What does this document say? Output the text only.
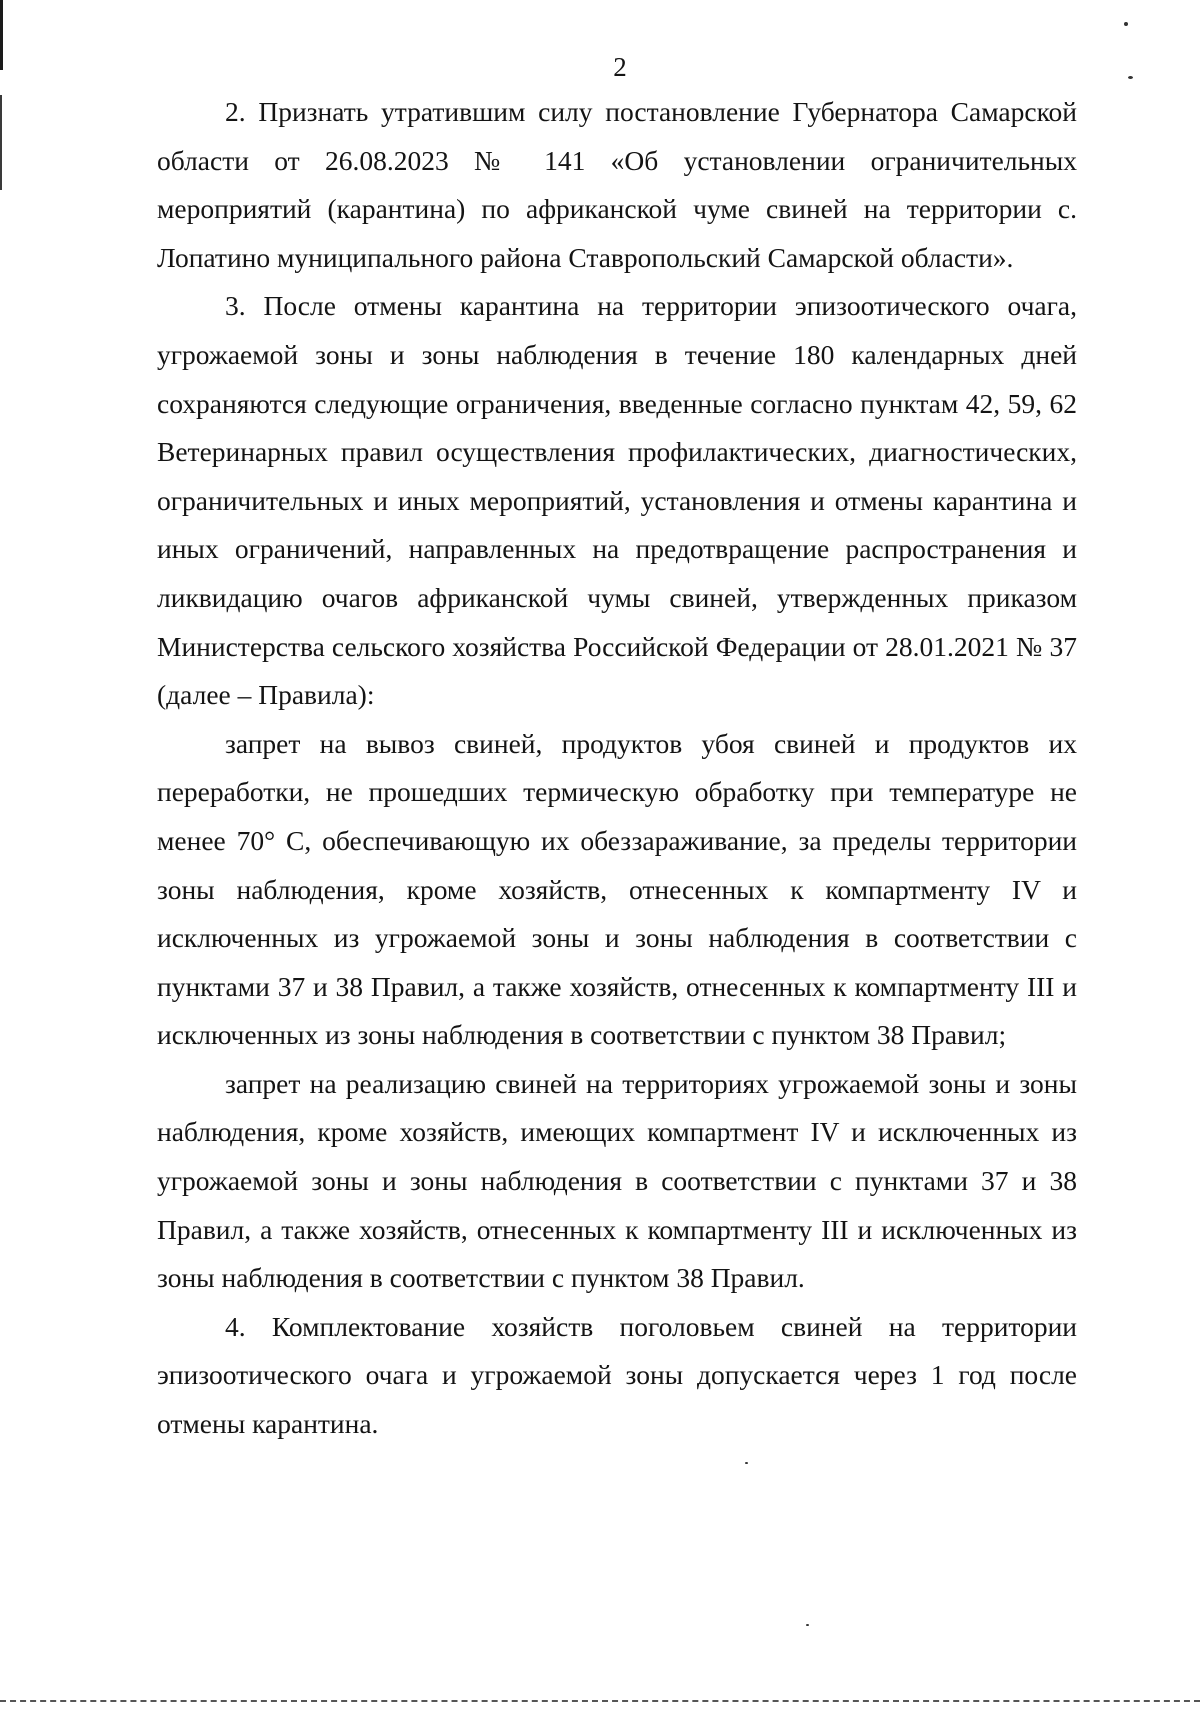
2

2. Признать утратившим силу постановление Губернатора Самарской области от 26.08.2023 № 141 «Об установлении ограничительных мероприятий (карантина) по африканской чуме свиней на территории с. Лопатино муниципального района Ставропольский Самарской области».

3. После отмены карантина на территории эпизоотического очага, угрожаемой зоны и зоны наблюдения в течение 180 календарных дней сохраняются следующие ограничения, введенные согласно пунктам 42, 59, 62 Ветеринарных правил осуществления профилактических, диагностических, ограничительных и иных мероприятий, установления и отмены карантина и иных ограничений, направленных на предотвращение распространения и ликвидацию очагов африканской чумы свиней, утвержденных приказом Министерства сельского хозяйства Российской Федерации от 28.01.2021 № 37 (далее – Правила):

запрет на вывоз свиней, продуктов убоя свиней и продуктов их переработки, не прошедших термическую обработку при температуре не менее 70° С, обеспечивающую их обеззараживание, за пределы территории зоны наблюдения, кроме хозяйств, отнесенных к компартменту IV и исключенных из угрожаемой зоны и зоны наблюдения в соответствии с пунктами 37 и 38 Правил, а также хозяйств, отнесенных к компартменту III и исключенных из зоны наблюдения в соответствии с пунктом 38 Правил;

запрет на реализацию свиней на территориях угрожаемой зоны и зоны наблюдения, кроме хозяйств, имеющих компартмент IV и исключенных из угрожаемой зоны и зоны наблюдения в соответствии с пунктами 37 и 38 Правил, а также хозяйств, отнесенных к компартменту III и исключенных из зоны наблюдения в соответствии с пунктом 38 Правил.

4. Комплектование хозяйств поголовьем свиней на территории эпизоотического очага и угрожаемой зоны допускается через 1 год после отмены карантина.
